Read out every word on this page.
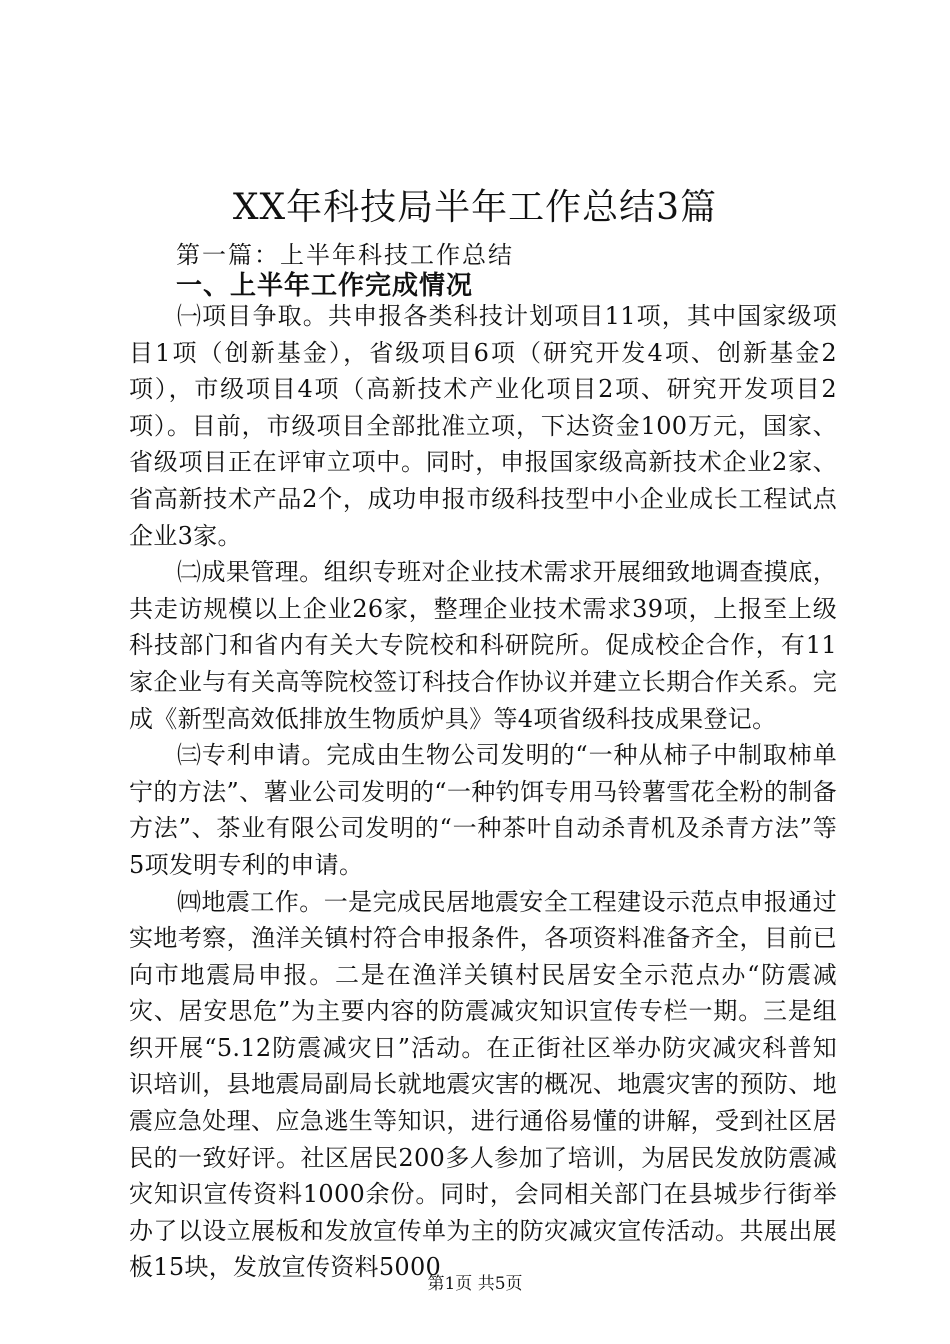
XX年科技局半年工作总结3篇

第一篇：上半年科技工作总结

一、上半年工作完成情况

㈠项目争取。共申报各类科技计划项目11项，其中国家级项目1项（创新基金），省级项目6项（研究开发4项、创新基金2项），市级项目4项（高新技术产业化项目2项、研究开发项目2项）。目前，市级项目全部批准立项，下达资金100万元，国家、省级项目正在评审立项中。同时，申报国家级高新技术企业2家、省高新技术产品2个，成功申报市级科技型中小企业成长工程试点企业3家。

㈡成果管理。组织专班对企业技术需求开展细致地调查摸底，共走访规模以上企业26家，整理企业技术需求39项，上报至上级科技部门和省内有关大专院校和科研院所。促成校企合作，有11家企业与有关高等院校签订科技合作协议并建立长期合作关系。完成《新型高效低排放生物质炉具》等4项省级科技成果登记。

㈢专利申请。完成由生物公司发明的“一种从柿子中制取柿单宁的方法”、薯业公司发明的“一种钓饵专用马铃薯雪花全粉的制备方法”、茶业有限公司发明的“一种茶叶自动杀青机及杀青方法”等5项发明专利的申请。

㈣地震工作。一是完成民居地震安全工程建设示范点申报通过实地考察，渔洋关镇村符合申报条件，各项资料准备齐全，目前已向市地震局申报。二是在渔洋关镇村民居安全示范点办“防震减灾、居安思危”为主要内容的防震减灾知识宣传专栏一期。三是组织开展“5.12防震减灾日”活动。在正街社区举办防灾减灾科普知识培训，县地震局副局长就地震灾害的概况、地震灾害的预防、地震应急处理、应急逃生等知识，进行通俗易懂的讲解，受到社区居民的一致好评。社区居民200多人参加了培训，为居民发放防震减灾知识宣传资料1000余份。同时，会同相关部门在县城步行街举办了以设立展板和发放宣传单为主的防灾减灾宣传活动。共展出展板15块，发放宣传资料5000

第1页 共5页
